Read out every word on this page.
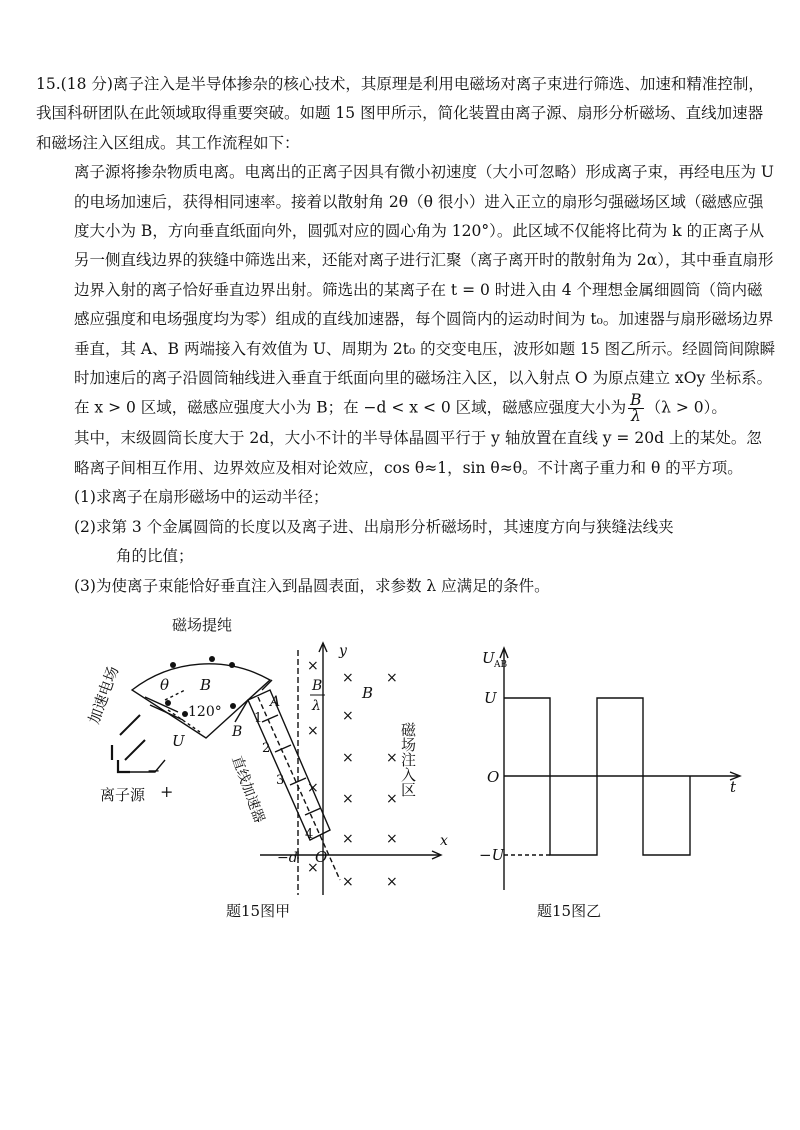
15.(18 分)离子注入是半导体掺杂的核心技术，其原理是利用电磁场对离子束进行筛选、加速和精准控制，我国科研团队在此领域取得重要突破。如题 15 图甲所示，简化装置由离子源、扇形分析磁场、直线加速器和磁场注入区组成。其工作流程如下：

离子源将掺杂物质电离。电离出的正离子因具有微小初速度（大小可忽略）形成离子束，再经电压为 U 的电场加速后，获得相同速率。接着以散射角 2θ（θ 很小）进入正立的扇形匀强磁场区域（磁感应强度大小为 B，方向垂直纸面向外，圆弧对应的圆心角为 120°）。此区域不仅能将比荷为 k 的正离子从另一侧直线边界的狭缝中筛选出来，还能对离子进行汇聚（离子离开时的散射角为 2α），其中垂直扇形边界入射的离子恰好垂直边界出射。筛选出的某离子在 t = 0 时进入由 4 个理想金属细圆筒（筒内磁感应强度和电场强度均为零）组成的直线加速器，每个圆筒内的运动时间为 t₀。加速器与扇形磁场边界垂直，其 A、B 两端接入有效值为 U、周期为 2t₀ 的交变电压，波形如题 15 图乙所示。经圆筒间隙瞬时加速后的离子沿圆筒轴线进入垂直于纸面向里的磁场注入区，以入射点 O 为原点建立 xOy 坐标系。

在 x > 0 区域，磁感应强度大小为 B；在 −d < x < 0 区域，磁感应强度大小为 $\frac{B}{\lambda} (\lambda > 0)$。

其中，末级圆筒长度大于 2d，大小不计的半导体晶圆平行于 y 轴放置在直线 y = 20d 上的某处。忽略离子间相互作用、边界效应及相对论效应，cos θ≈1，sin θ≈θ。不计离子重力和 θ 的平方项。

(1)求离子在扇形磁场中的运动半径；

(2)求第 3 个金属圆筒的长度以及离子进、出扇形分析磁场时，其速度方向与狭缝法线夹

角的比值；

(3)为使离子束能恰好垂直注入到晶圆表面，求参数 λ 应满足的条件。

×
×
×
×
×
×
×
×
×
×
×
×
×
×
×
磁场提纯
B
θ
120°
U
−
+
离子源
A
B
1
2
3
4
B
λ
B
y
x
O
−d
加速电场
直线加速器	磁场注入区
U AB
U
−U
O
t
题15图甲	题15图乙
